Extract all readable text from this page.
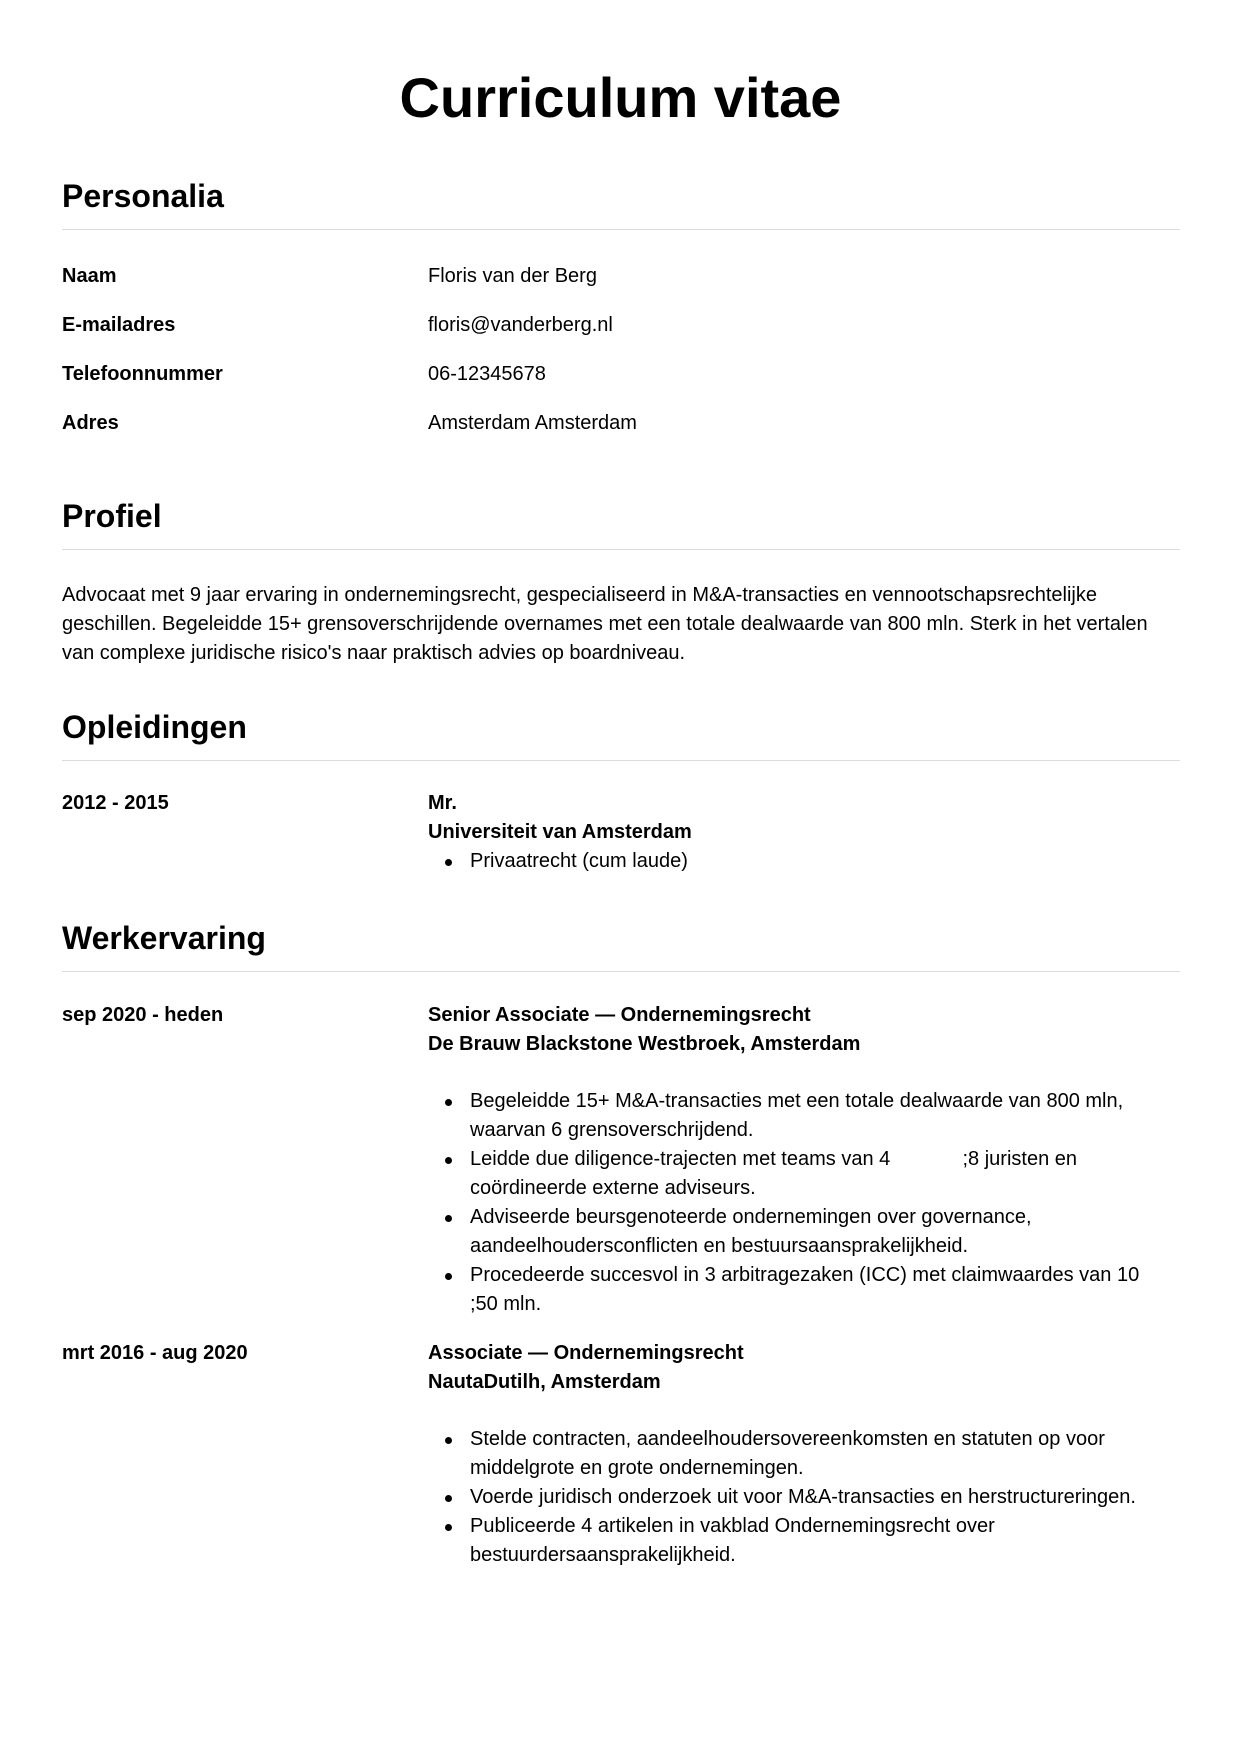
Curriculum vitae
Personalia
Naam	Floris van der Berg
E-mailadres	floris@vanderberg.nl
Telefoonnummer	06-12345678
Adres	Amsterdam Amsterdam
Profiel

Advocaat met 9 jaar ervaring in ondernemingsrecht, gespecialiseerd in M&A-transacties en vennootschapsrechtelijke geschillen. Begeleidde 15+ grensoverschrijdende overnames met een totale dealwaarde van 800 mln. Sterk in het vertalen van complexe juridische risico's naar praktisch advies op boardniveau.

Opleidingen
2012 - 2015	Mr.
Universiteit van Amsterdam
Privaatrecht (cum laude)
Werkervaring
sep 2020 - heden	Senior Associate — Ondernemingsrecht
De Brauw Blackstone Westbroek, Amsterdam
Begeleidde 15+ M&A-transacties met een totale dealwaarde van 800 mln, waarvan 6 grensoverschrijdend.
Leidde due diligence-trajecten met teams van 4             ;8 juristen en coördineerde externe adviseurs.
Adviseerde beursgenoteerde ondernemingen over governance, aandeelhoudersconflicten en bestuursaansprakelijkheid.
Procedeerde succesvol in 3 arbitragezaken (ICC) met claimwaardes van 10             ;50 mln.
mrt 2016 - aug 2020	Associate — Ondernemingsrecht
NautaDutilh, Amsterdam
Stelde contracten, aandeelhoudersovereenkomsten en statuten op voor middelgrote en grote ondernemingen.
Voerde juridisch onderzoek uit voor M&A-transacties en herstructureringen.
Publiceerde 4 artikelen in vakblad Ondernemingsrecht over bestuurdersaansprakelijkheid.
